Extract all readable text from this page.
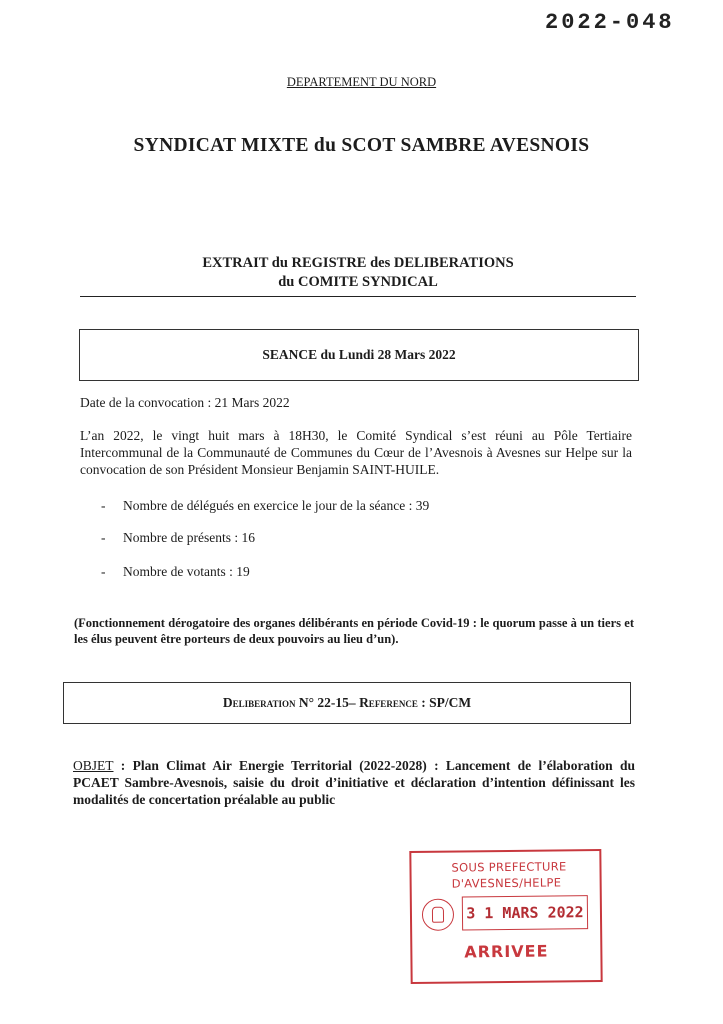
2022-048
DEPARTEMENT DU NORD
SYNDICAT MIXTE du SCOT SAMBRE AVESNOIS
EXTRAIT du REGISTRE des DELIBERATIONS
du COMITE SYNDICAL
SEANCE du Lundi 28 Mars 2022
Date de la convocation : 21 Mars 2022
L’an 2022, le vingt huit mars à 18H30, le Comité Syndical s’est réuni au Pôle Tertiaire Intercommunal de la Communauté de Communes du Cœur de l’Avesnois à Avesnes sur Helpe sur la convocation de son Président Monsieur Benjamin SAINT-HUILE.
- Nombre de délégués en exercice le jour de la séance : 39
- Nombre de présents : 16
- Nombre de votants : 19
(Fonctionnement dérogatoire des organes délibérants en période Covid-19 : le quorum passe à un tiers et les élus peuvent être porteurs de deux pouvoirs au lieu d’un).
Deliberation N° 22-15– Reference : SP/CM
OBJET : Plan Climat Air Energie Territorial (2022-2028) : Lancement de l’élaboration du PCAET Sambre-Avesnois, saisie du droit d’initiative et déclaration d’intention définissant les modalités de concertation préalable au public
SOUS PREFECTURE
D'AVESNES/HELPE
3 1 MARS 2022
ARRIVEE
